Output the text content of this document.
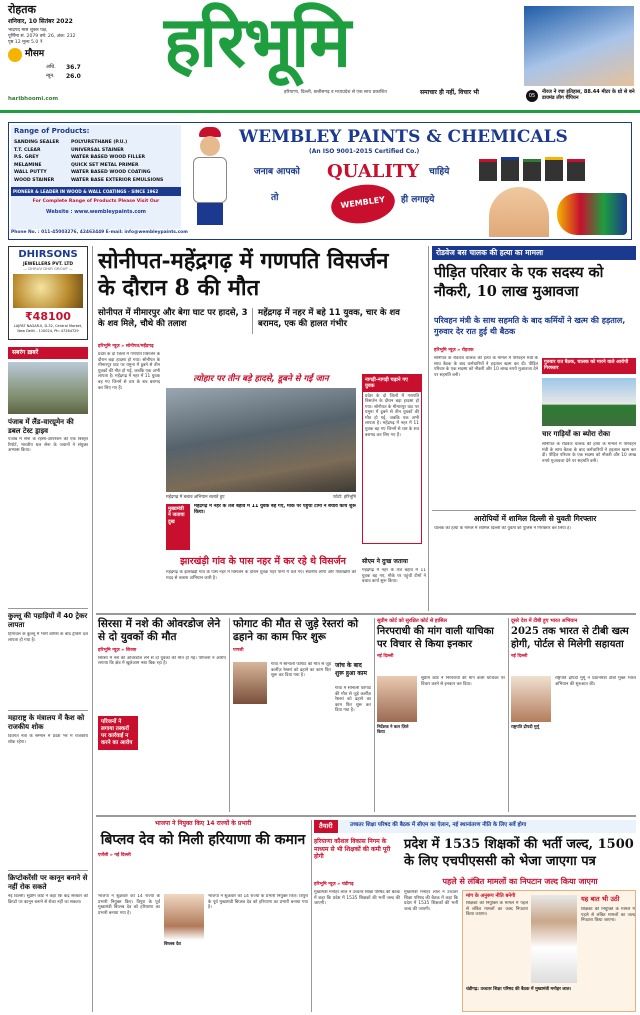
रोहतक
शनिवार, 10 सितंबर 2022
भाद्रपद मास शुक्ल पक्ष,
पूर्णिमा सं. 2079 वर्ष: 26, अंक: 232
पृष्ठ 12 मूल्य 5.0 ₹
मौसम
अधि. 36.7
न्यून. 26.0
haribhoomi.com
हरिभूमि
हरियाणा, दिल्ली, छत्तीसगढ़ व मध्यप्रदेश से एक साथ प्रकाशित	समाचार ही नहीं, विचार भी	05
नीरज ने रचा इतिहास, 88.44 मीटर के थ्रो से बने डायमंड लीग चैंपियन
Range of Products:
SANDING SEALER
T.T. CLEAR
P.S. GREY
MELAMINE
WALL PUTTY
WOOD STAINER
POLYURETHANE (P.U.)
UNIVERSAL STAINER
WATER BASED WOOD FILLER
QUICK SET METAL PRIMER
WATER BASED WOOD COATING
WATER BASE EXTERIOR EMULSIONS
PIONEER & LEADER IN WOOD & WALL COATINGS - SINCE 1962
For Complete Range of Products Please Visit Our
Website : www.wembleypaints.com
Phone No. : 011-45003276, 42463449 E-mail: info@wembleypaints.com
WEMBLEY PAINTS & CHEMICALS
(An ISO 9001-2015 Certified Co.)
जनाब आपको QUALITY चाहिये
तो	WEMBLEY	ही लगाइये
DHIRSONS
JEWELLERS PVT. LTD
— DHRUV DHIR GROUP —
₹48100
LAJPAT NAGAR-II, D-32, Central Market, New Delhi - 110024, Ph: 47264729
सबरंग ख़बरें
पंजाब में लैंड-वारग्रूमेन की डबल टेस्ट ड्राइव
पंजाब में सेना के रहस्य-ऑपरेशन की एक विस्तृत रिपोर्ट, भारतीय थल सेना के जवानों ने संयुक्त अभ्यास किया।
कुल्लू की पहाड़ियों में 40 ट्रेकर लापता
हिमाचल के कुल्लू में भारी बारिश के बाद ट्रेकिंग दल लापता हो गया है।
महाराष्ट्र के मंत्रालय में कैश को राजकीय शोक
दिवंगत नेता के सम्मान में प्रदेश भर में राजकीय शोक रहेगा।
क्रिप्टोकरेंसी पर कानून बनाने से नहीं रोक सकते
नई दिल्ली। सुप्रीम कोर्ट ने कहा कि केंद्र सरकार को क्रिप्टो पर कानून बनाने से रोका नहीं जा सकता।
सोनीपत-महेंद्रगढ़ में गणपति विसर्जन के दौरान 8 की मौत
सोनीपत में मीमारपुर और बेगा घाट पर हादसे, 3 के शव मिले, चौथे की तलाश
महेंद्रगढ़ में नहर में बहे 11 युवक, चार के शव बरामद, एक की हालत गंभीर
हरिभूमि न्यूज़ » सोनीपत/महेंद्रगढ़
प्रदेश के दो जिलों में गणपति विसर्जन के दौरान बड़ा हादसा हो गया। सोनीपत के मीमारपुर घाट पर यमुना में डूबने से तीन युवकों की मौत हो गई, जबकि एक अभी लापता है। महेंद्रगढ़ में नहर में 11 युवक बह गए जिनमें से चार के शव बरामद कर लिए गए हैं।
त्योहार पर तीन बड़े हादसे, डूबने से गईं जान
महेंद्रगढ़ में बचाव अभियान चलाते हुए	फोटो: हरिभूमि
मुख्यमंत्री ने जताया दुख
महेंद्रगढ़ में नहर के तेज बहाव में 11 युवक बह गए, मौके पर पहुंची टीमों ने बचाव कार्य शुरू किया।
नागड़ी-नागड़ी चढ़ाने गए युवक
प्रदेश के दो जिलों में गणपति विसर्जन के दौरान बड़ा हादसा हो गया। सोनीपत के मीमारपुर घाट पर यमुना में डूबने से तीन युवकों की मौत हो गई, जबकि एक अभी लापता है। महेंद्रगढ़ में नहर में 11 युवक बह गए जिनमें से चार के शव बरामद कर लिए गए हैं।
झारखंड़ी गांव के पास नहर में कर रहे थे विसर्जन
महेंद्रगढ़ के झारखंड़ी गांव के पास नहर में विसर्जन के दौरान युवक गहरे पानी में चले गए। स्थानीय लोगों और गोताखोरों की मदद से तलाश अभियान जारी है।
सीएम ने दुःख जताया
महेंद्रगढ़ में नहर के तेज बहाव में 11 युवक बह गए, मौके पर पहुंची टीमों ने बचाव कार्य शुरू किया।
रोडवेज बस चालक की हत्या का मामला
पीड़ित परिवार के एक सदस्य को नौकरी, 10 लाख मुआवजा
परिवहन मंत्री के साथ सहमति के बाद कर्मियों ने खत्म की हड़ताल, गुरुवार देर रात हुई थी बैठक
हरिभूमि न्यूज़ » रोहतक
सोनीपत के रोडवेज चालक की हत्या के मामले में परिवहन मंत्री के साथ बैठक के बाद कर्मचारियों ने हड़ताल खत्म कर दी। पीड़ित परिवार के एक सदस्य को नौकरी और 10 लाख रुपये मुआवजा देने पर सहमति बनी।
गुरुवार रात बैठक, चालक को मारने वाले आरोपी गिरफ्तार
चार गाड़ियों का ब्योरा रोका
सोनीपत के रोडवेज चालक की हत्या के मामले में परिवहन मंत्री के साथ बैठक के बाद कर्मचारियों ने हड़ताल खत्म कर दी। पीड़ित परिवार के एक सदस्य को नौकरी और 10 लाख रुपये मुआवजा देने पर सहमति बनी।
आरोपियों में शामिल दिल्ली से युवती गिरफ्तार
चालक की हत्या के मामले में शामिल दिल्ली की युवती को पुलिस ने गिरफ्तार कर लिया है।
सिरसा में नशे की ओवरडोज लेने से दो युवकों की मौत
हरिभूमि न्यूज़ » सिरसा
सिरसा में नशे की ओवरडोज लेने से दो युवकों की मौत हो गई। परिजनों ने आरोप लगाया कि क्षेत्र में खुलेआम नशा बिक रहा है।
परिजनों ने लगाया तस्करों पर कार्रवाई न करने का आरोप
फोगाट की मौत से जुड़े रेस्तरां को ढहाने का काम फिर शुरू
पणजी
गोवा में सोनाली फोगाट की मौत से जुड़े कर्लीज़ रेस्तरां को ढहाने का काम फिर शुरू कर दिया गया है।
जांच के बाद शुरू हुआ काम
गोवा में सोनाली फोगाट की मौत से जुड़े कर्लीज़ रेस्तरां को ढहाने का काम फिर शुरू कर दिया गया है।
सुप्रीम कोर्ट को सुरक्षित कोर्ट से हासिल
निरपराधी की मांग वाली याचिका पर विचार से किया इनकार
नई दिल्ली
निर्देशक ने कल ज़िले किया
सुप्रीम कोर्ट ने निरपराधी की मांग वाली याचिका पर विचार करने से इनकार कर दिया।
दूसरे देश में टीबी हुए भारत अभियान
2025 तक भारत से टीबी खत्म होगी, पोर्टल से मिलेगी सहायता
नई दिल्ली
राष्ट्रपति द्रौपदी मुर्मू
राष्ट्रपति द्रौपदी मुर्मू ने प्रधानमंत्री टीबी मुक्त भारत अभियान की शुरुआत की।
भाजपा ने नियुक्त किए 14 राज्यों के प्रभारी
बिप्लव देव को मिली हरियाणा की कमान
एजेंसी » नई दिल्ली
भाजपा ने शुक्रवार को 14 राज्यों के प्रभारी नियुक्त किए। त्रिपुरा के पूर्व मुख्यमंत्री बिप्लब देव को हरियाणा का प्रभारी बनाया गया है।
बिप्लब देव
भाजपा ने शुक्रवार को 14 राज्यों के प्रभारी नियुक्त किए। त्रिपुरा के पूर्व मुख्यमंत्री बिप्लब देव को हरियाणा का प्रभारी बनाया गया है।
तैयारी	उच्चतर शिक्षा परिषद की बैठक में सीएम का ऐलान, नई स्थानांतरण नीति के लिए सर्वे होगा
हरियाणा कौशल विकास निगम के माध्यम से भी शिक्षकों की कमी पूरी होगी
प्रदेश में 1535 शिक्षकों की भर्ती जल्द, 1500 के लिए एचपीएससी को भेजा जाएगा पत्र
पहले से लंबित मामलों का निपटान जल्द किया जाएगा
हरिभूमि न्यूज़ » चंडीगढ़
मुख्यमंत्री मनोहर लाल ने उच्चतर शिक्षा परिषद की बैठक में कहा कि प्रदेश में 1535 शिक्षकों की भर्ती जल्द की जाएगी।
मुख्यमंत्री मनोहर लाल ने उच्चतर शिक्षा परिषद की बैठक में कहा कि प्रदेश में 1535 शिक्षकों की भर्ती जल्द की जाएगी।
मांग के अनुरूप नीति बनेगी
शिक्षकों की नियुक्ति के मामले में पहले से लंबित मामलों का जल्द निपटारा किया जाएगा।
यह बात भी उठी
शिक्षकों की नियुक्ति के मामले में पहले से लंबित मामलों का जल्द निपटारा किया जाएगा।
चंडीगढ़: उच्चतर शिक्षा परिषद की बैठक में मुख्यमंत्री मनोहर लाल।
